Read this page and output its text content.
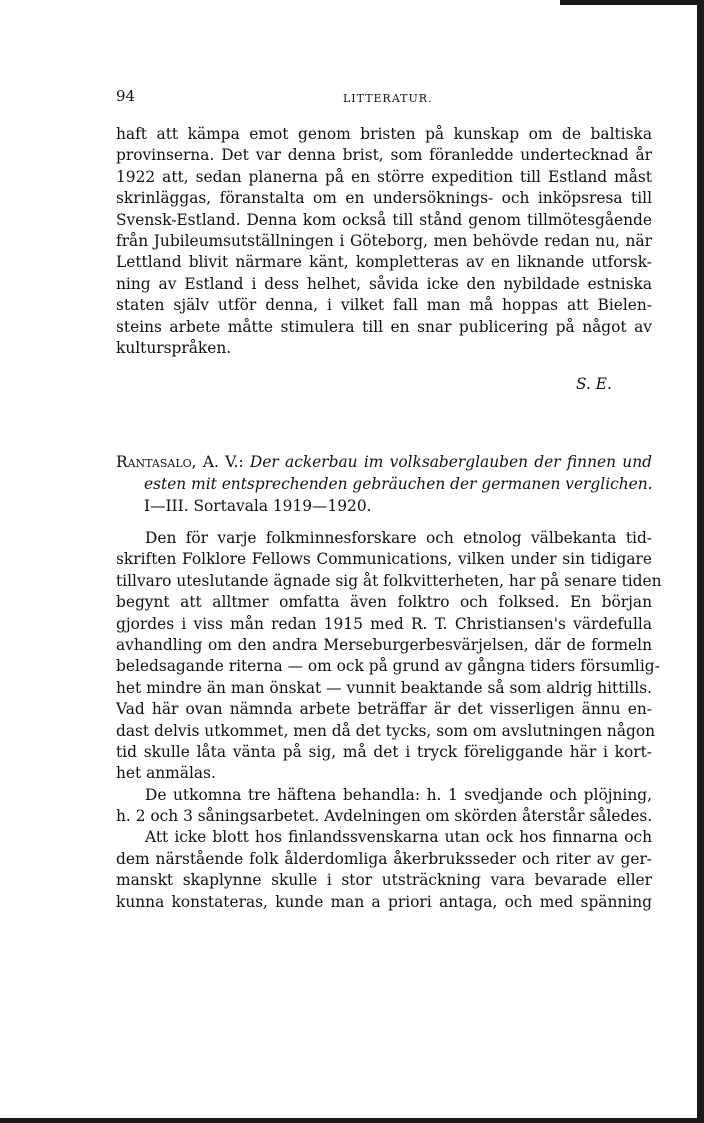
94	LITTERATUR.
haft att kämpa emot genom bristen på kunskap om de baltiska
provinserna. Det var denna brist, som föranledde undertecknad år
1922 att, sedan planerna på en större expedition till Estland måst
skrinläggas, föranstalta om en undersöknings- och inköpsresa till
Svensk-Estland. Denna kom också till stånd genom tillmötesgående
från Jubileumsutställningen i Göteborg, men behövde redan nu, när
Lettland blivit närmare känt, kompletteras av en liknande utforsk-
ning av Estland i dess helhet, såvida icke den nybildade estniska
staten själv utför denna, i vilket fall man må hoppas att Bielen-
steins arbete måtte stimulera till en snar publicering på något av
kulturspråken.
S. E.
Rantasalo, A. V.: Der ackerbau im volksaberglauben der finnen und
esten mit entsprechenden gebräuchen der germanen verglichen.
I—III. Sortavala 1919—1920.
Den för varje folkminnesforskare och etnolog välbekanta tid-
skriften Folklore Fellows Communications, vilken under sin tidigare
tillvaro uteslutande ägnade sig åt folkvitterheten, har på senare tiden
begynt att alltmer omfatta även folktro och folksed. En början
gjordes i viss mån redan 1915 med R. T. Christiansen's värdefulla
avhandling om den andra Merseburgerbesvärjelsen, där de formeln
beledsagande riterna — om ock på grund av gångna tiders försumlig-
het mindre än man önskat — vunnit beaktande så som aldrig hittills.
Vad här ovan nämnda arbete beträffar är det visserligen ännu en-
dast delvis utkommet, men då det tycks, som om avslutningen någon
tid skulle låta vänta på sig, må det i tryck föreliggande här i kort-
het anmälas.
De utkomna tre häftena behandla: h. 1 svedjande och plöjning,
h. 2 och 3 såningsarbetet. Avdelningen om skörden återstår således.
Att icke blott hos finlandssvenskarna utan ock hos finnarna och
dem närstående folk ålderdomliga åkerbruksseder och riter av ger-
manskt skaplynne skulle i stor utsträckning vara bevarade eller
kunna konstateras, kunde man a priori antaga, och med spänning
